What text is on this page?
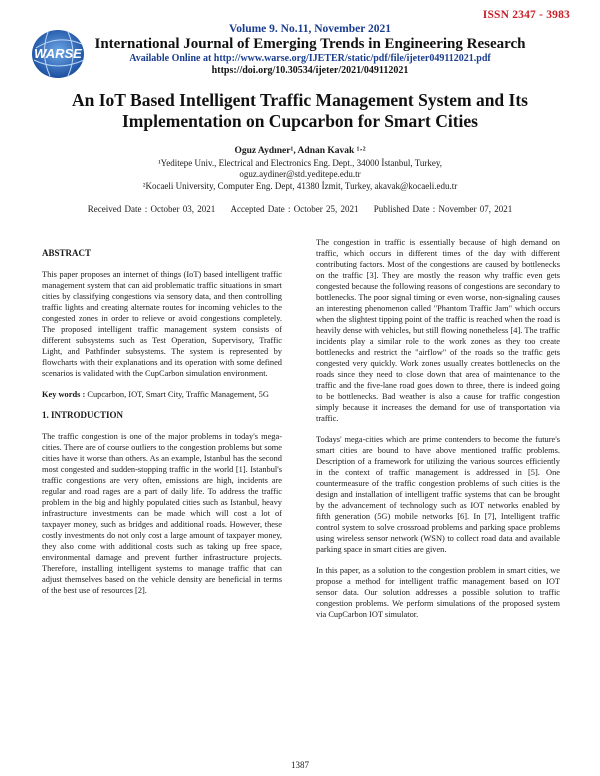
ISSN 2347 - 3983
WARSE
Volume 9. No.11, November 2021
International Journal of Emerging Trends in Engineering Research
Available Online at http://www.warse.org/IJETER/static/pdf/file/ijeter049112021.pdf
https://doi.org/10.30534/ijeter/2021/049112021
An IoT Based Intelligent Traffic Management System and Its Implementation on Cupcarbon for Smart Cities
Oguz Aydıner¹, Adnan Kavak ¹·²
¹Yeditepe Univ., Electrical and Electronics Eng. Dept., 34000 İstanbul, Turkey,
oguz.aydiner@std.yeditepe.edu.tr
²Kocaeli University, Computer Eng. Dept, 41380 İzmit, Turkey, akavak@kocaeli.edu.tr
Received Date : October 03, 2021 Accepted Date : October 25, 2021 Published Date : November 07, 2021
ABSTRACT

This paper proposes an internet of things (IoT) based intelligent traffic management system that can aid problematic traffic situations in smart cities by classifying congestions via sensory data, and then controlling traffic lights and creating alternate routes for incoming vehicles to the congested zones in order to relieve or avoid congestions completely. The proposed intelligent traffic management system consists of different subsystems such as Test Operation, Supervisory, Traffic Light, and Pathfinder subsystems. The system is represented by flowcharts with their explanations and its operation with some defined scenarios is validated with the CupCarbon simulation environment.

Key words : Cupcarbon, IOT, Smart City, Traffic Management, 5G

1. INTRODUCTION

The traffic congestion is one of the major problems in today's mega-cities. There are of course outliers to the congestion problems but some cities have it worse than others. As an example, Istanbul has the second most congested and sudden-stopping traffic in the world [1]. Istanbul's traffic congestions are very often, emissions are high, incidents are regular and road rages are a part of daily life. To address the traffic problem in the big and highly populated cities such as Istanbul, heavy infrastructure investments can be made which will cost a lot of taxpayer money, such as bridges and additional roads. However, these costly investments do not only cost a large amount of taxpayer money, they also come with additional costs such as taking up free space, environmental damage and prevent further infrastructure projects. Therefore, installing intelligent systems to manage traffic that can adjust themselves based on the vehicle density are beneficial in terms of the best use of resources [2].

The congestion in traffic is essentially because of high demand on traffic, which occurs in different times of the day with different contributing factors. Most of the congestions are caused by bottlenecks on the traffic [3]. They are mostly the reason why traffic even gets congested because the following reasons of congestions are secondary to bottlenecks. The poor signal timing or even worse, non-signaling causes an interesting phenomenon called "Phantom Traffic Jam" which occurs when the slightest tipping point of the traffic is reached when the road is heavily dense with vehicles, but still flowing nonetheless [4]. The traffic incidents play a similar role to the work zones as they too create bottlenecks and restrict the "airflow" of the roads so the traffic gets congested very quickly. Work zones usually creates bottlenecks on the roads since they need to close down that area of maintenance to the traffic and the five-lane road goes down to three, there is indeed going to be bottlenecks. Bad weather is also a cause for traffic congestion simply because it increases the demand for use of transportation via traffic.

Todays' mega-cities which are prime contenders to become the future's smart cities are bound to have above mentioned traffic problems. Description of a framework for utilizing the various sources efficiently in the context of traffic management is addressed in [5]. One countermeasure of the traffic congestion problems of such cities is the design and installation of intelligent traffic systems that can be brought by the advancement of technology such as IOT networks enabled by fifth generation (5G) mobile networks [6]. In [7], Intelligent traffic control system to solve crossroad problems and parking space problems using wireless sensor network (WSN) to collect road data and available parking space in smart cities are given.

In this paper, as a solution to the congestion problem in smart cities, we propose a method for intelligent traffic management based on IOT sensor data. Our solution addresses a possible solution to traffic congestion problems. We perform simulations of the proposed system via CupCarbon IOT simulator.

1387
